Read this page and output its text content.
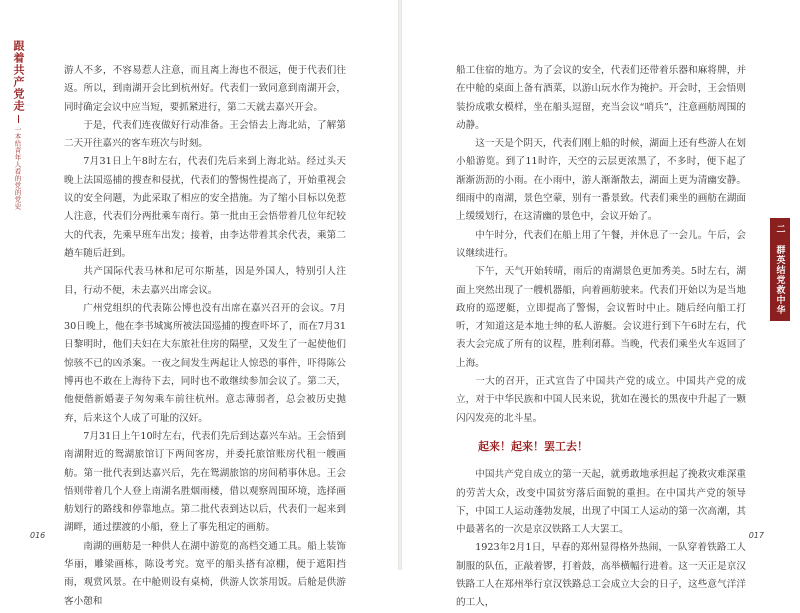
跟着共产党走
一本给青年人看的党的党史

游人不多，不容易惹人注意，而且离上海也不很远，便于代表们往返。所以，到南湖开会比到杭州好。代表们一致同意到南湖开会，同时确定会议中应当短，要抓紧进行，第二天就去嘉兴开会。

于是，代表们连夜做好行动准备。王会悟去上海北站，了解第二天开往嘉兴的客车班次与时刻。

7月31日上午8时左右，代表们先后来到上海北站。经过头天晚上法国巡捕的搜查和侵扰，代表们的警惕性提高了，开始重视会议的安全问题，为此采取了相应的安全措施。为了缩小目标以免惹人注意，代表们分两批乘车南行。第一批由王会悟带着几位年纪较大的代表，先乘早班车出发；接着，由李达带着其余代表，乘第二趟车随后赶到。

共产国际代表马林和尼可尔斯基，因是外国人，特别引人注目，行动不便，未去嘉兴出席会议。

广州党组织的代表陈公博也没有出席在嘉兴召开的会议。7月30日晚上，他在李书城寓所被法国巡捕的搜查吓坏了，而在7月31日黎明时，他们夫妇在大东旅社住房的隔壁，又发生了一起使他们惊骇不已的凶杀案。一夜之间发生两起让人惊恐的事件，吓得陈公博再也不敢在上海待下去，同时也不敢继续参加会议了。第二天，他便偕新婚妻子匆匆乘车前往杭州。意志薄弱者，总会被历史抛弃，后来这个人成了可耻的汉奸。

7月31日上午10时左右，代表们先后到达嘉兴车站。王会悟到南湖附近的鸳湖旅馆订下两间客房，并委托旅馆账房代租一艘画舫。第一批代表到达嘉兴后，先在鸳湖旅馆的房间稍事休息。王会悟则带着几个人登上南湖名胜烟雨楼，借以观察周围环境，选择画舫划行的路线和停靠地点。第二批代表到达以后，代表们一起来到湖畔，通过摆渡的小船，登上了事先租定的画舫。

南湖的画舫是一种供人在湖中游览的高档交通工具。船上装饰华丽，雕梁画栋，陈设考究。宽平的船头搭有凉棚，便于遮阳挡雨，观赏风景。在中舱则设有桌椅，供游人饮茶用饭。后舱是供游客小憩和

016

船工住宿的地方。为了会议的安全，代表们还带着乐器和麻将牌，并在中舱的桌面上备有酒菜，以游山玩水作为掩护。开会时，王会悟则装扮成歌女模样，坐在船头逗留，充当会议“哨兵”，注意画舫周围的动静。

这一天是个阴天，代表们刚上船的时候，湖面上还有些游人在划小船游览。到了11时许，天空的云层更浓黑了，不多时，便下起了渐渐沥沥的小雨。在小雨中，游人渐渐散去，湖面上更为清幽安静。细雨中的南湖，景色空蒙，别有一番景致。代表们乘坐的画舫在湖面上缓缓划行，在这清幽的景色中，会议开始了。

中午时分，代表们在船上用了午餐，并休息了一会儿。午后，会议继续进行。

下午，天气开始转晴，雨后的南湖景色更加秀美。5时左右，湖面上突然出现了一艘机器船，向着画舫驶来。代表们开始以为是当地政府的巡逻艇，立即提高了警惕，会议暂时中止。随后经向船工打听，才知道这是本地士绅的私人游艇。会议进行到下午6时左右，代表大会完成了所有的议程，胜利闭幕。当晚，代表们乘坐火车返回了上海。

一大的召开，正式宣告了中国共产党的成立。中国共产党的成立，对于中华民族和中国人民来说，犹如在漫长的黑夜中升起了一颗闪闪发亮的北斗星。

起来！起来！罢工去！

中国共产党自成立的第一天起，就勇敢地承担起了挽救灾难深重的劳苦大众，改变中国贫穷落后面貌的重担。在中国共产党的领导下，中国工人运动蓬勃发展，出现了中国工人运动的第一次高潮，其中最著名的一次是京汉铁路工人大罢工。

1923年2月1日，早春的郑州显得格外热闹，一队穿着铁路工人制服的队伍，正敲着锣，打着鼓，高举横幅行进着。这一天正是京汉铁路工人在郑州举行京汉铁路总工会成立大会的日子，这些意气洋洋的工人，

二 群英结党救中华
017
